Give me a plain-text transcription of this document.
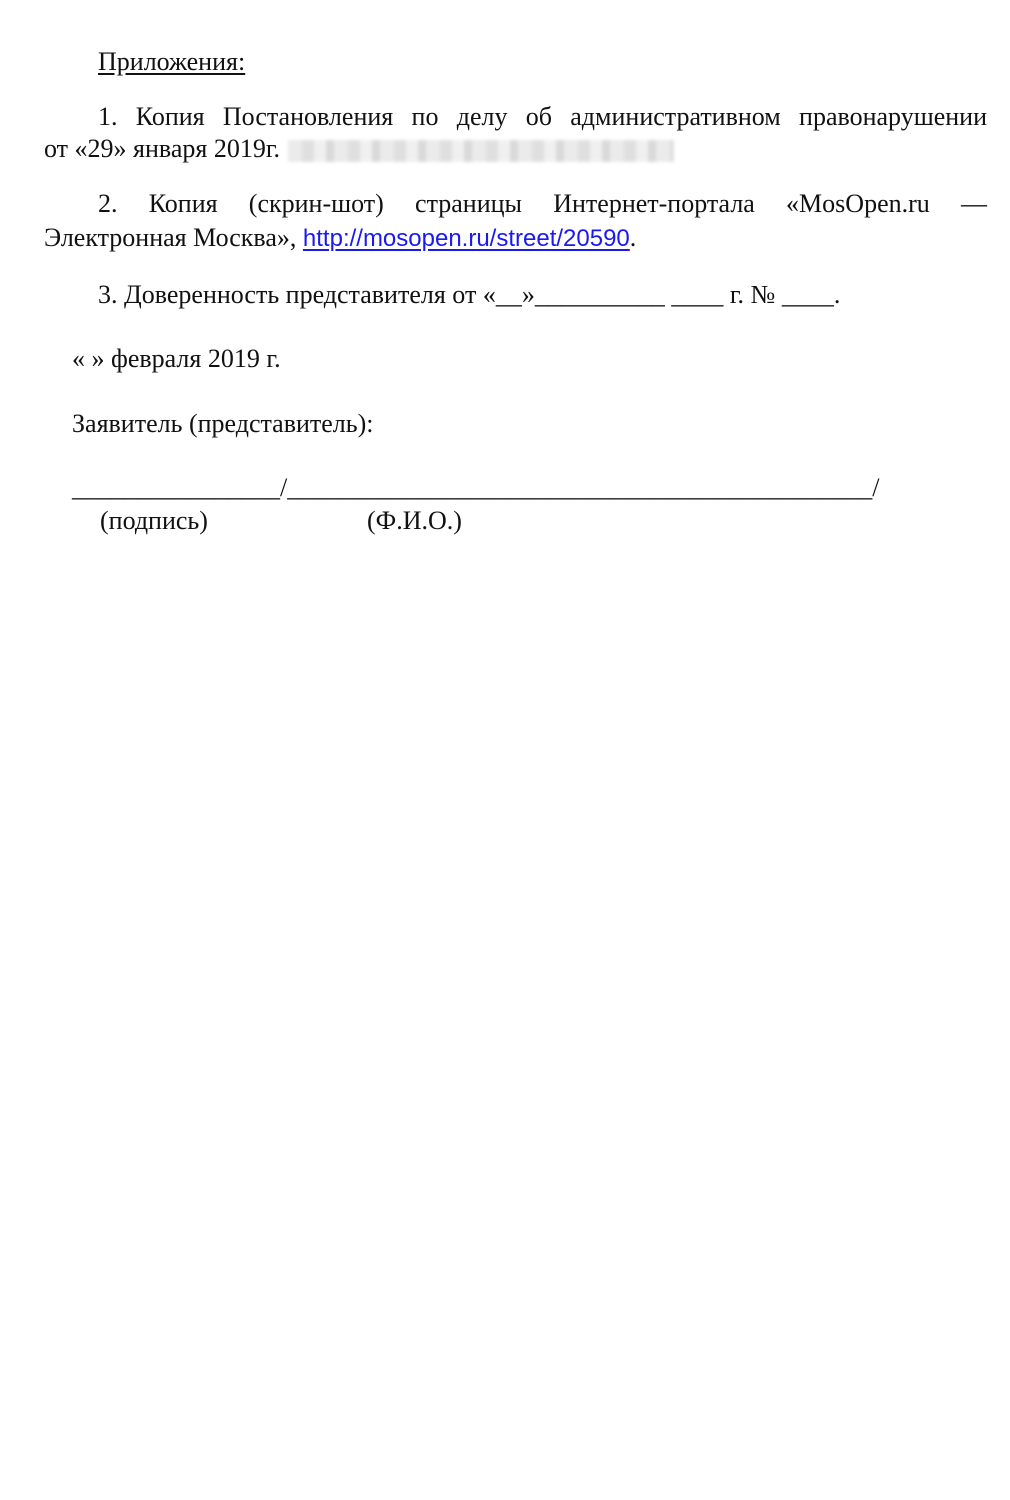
Приложения:
1. Копия Постановления по делу об административном правонарушении
от «29» января 2019г.
2. Копия (скрин-шот) страницы Интернет-портала «MosOpen.ru —
Электронная Москва», http://mosopen.ru/street/20590.
3. Доверенность представителя от «__»__________ ____ г. № ____.
« » февраля 2019 г.
Заявитель (представитель):
________________/_____________________________________________/
(подпись)	(Ф.И.О.)
